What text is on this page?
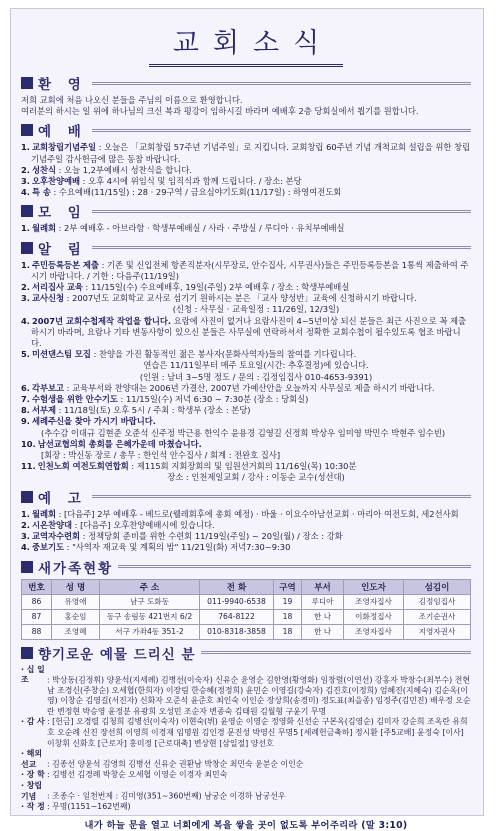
교회소식
환 영
저희 교회에 처음 나오신 분들을 주님의 이름으로 환영합니다.
여러분의 하시는 일 위에 하나님의 크신 복과 평강이 임하시길 바라며 예배후 2층 당회실에서 뵙기를 원합니다.
예 배
1. 교회창립기념주일 : 오늘은 「교회창립 57주년 기념주일」로 지킵니다. 교회창립 60주년 기념 개척교회 설립을 위한 창립기념주일 감사헌금에 많은 동참 바랍니다.
2. 성찬식 : 오늘 1,2부예배시 성찬식을 합니다.
3. 오후찬양예배 : 오후 4시에 위임식 및 임직식과 함께 드립니다. / 장소: 본당
4. 특 송 : 수요예배(11/15일) : 28 · 29구역 / 금요심야기도회(11/17일) : 하영여전도회
모 임
1. 월례회 : 2부 예배후 - 아브라함 · 학생부예배실 / 사라 · 주방실 / 루디아 · 유치부예배실
알 림
1. 주민등록등본 제출 : 기존 및 신입전체 항존직분자(시무장로, 안수집사, 시무권사)들은 주민등록등본을 1통씩 제출하여 주시기 바랍니다. / 기한 : 다음주(11/19일)
2. 서리집사 교육 : 11/15일(수) 수요예배후, 19일(주일) 2부 예배후 / 장소 : 학생부예배실
3. 교사신청 : 2007년도 교회학교 교사로 섬기기 원하시는 분은 「교사 양성반」교육에 신청하시기 바랍니다.
(신청 : 사무실 · 교육일정 : 11/26일, 12/3일)
4. 2007년 교회수첩제작 작업을 합니다. 요람에 사진이 없거나 요람사진이 4~5년이상 되신 분들은 최근 사진으로 꼭 제출하시기 바라며, 요람나 기타 변동사항이 있으신 분들은 사무실에 연락하셔서 정확한 교회수첩이 될수있도록 협조 바랍니다.
5. 미션댄스팀 모집 : 찬양을 가진 활동적인 젊은 봉사자(문화사역자)들의 참여를 기다립니다.
연습은 11/11일부터 매주 토요일(시간: 추후결정)에 있습니다.
(인원 : 남녀 3~5명 정도 / 문의 : 김정임집사 010-4653-9391)
6. 각부보고 : 교육부서와 찬양대는 2006년 가결산, 2007년 가예산안을 오늘까지 사무실로 제출 하시기 바랍니다.
7. 수험생을 위한 안수기도 : 11/15일(수) 저녁 6:30 ~ 7:30분 (장소 : 당회실)
8. 서부제 : 11/18일(토) 오후 5시 / 주최 : 학생부 (장소 : 본당)
9. 세례주신을 찾아 가시기 바랍니다.
(추수감 이대규 김현준 오준석 신주정 박근용 한익수 윤용경 김영길 신정희 박상우 임미영 박민수 박현주 임수빈)
10. 남선교협의회 총회를 은혜가운데 마쳤습니다.
[회장 : 박신동 장로 / 총무 : 한인석 안수집사 / 회계 : 전완호 집사]
11. 인천노회 여전도회연합회 : 제115회 지회장회의 및 임원선거회의 11/16일(목) 10:30분
장소 : 인천제일교회 / 강사 : 이동순 교수(성선대)
예 고
1. 월례회 : [다음주] 2부 예배후 - 베드로(웰레회후에 총회 예정) · 바울 · 이요수아남선교회 · 마리아 여전도회, 세2선사회
2. 시온찬양대 : [다음주] 오후찬양예배시에 있습니다.
3. 교역자수련회 : 정책당회 준비를 위한 수련회 11/19일(주일) ~ 20일(월) / 장소 : 강화
4. 중보기도 : "사역자 재교육 및 계획의 밤" 11/21일(화) 저녁7:30~9:30
새가족현황
번호	성 명	주 소	전 화	구역	부서	인도자	섬김이
86	유영애	남구 도화동	011-9940-6538	19	루디아	조영자집사	김정임집사
87	홍순임	동구 송림동 421번지 6/2	764-8122	18	한 나	이화정집사	조기순권사
88	조영혜	서구 가좌4동 351-2	010-8318-3858	18	한 나	조영자집사	지영자권사
향기로운 예물 드리신 분
· 십 일 조 : 박상동(김정휘) 양윤석(지세례) 김병선(이숙자) 신유순 윤영순 김한영(황영화) 임창렬(이연선) 강홍자 박창수(최부수) 전현남 조경신(주창순) 오세협(한희자) 이장림 한승혜(정정희) 윤민순 이영길(강숙자) 김진호(이정희) 엄혜진(지혜숙) 김순옥(이영) 이창순 김영길(서진자) 신화자 오준석 윤준호 최인숙 이인순 장상희(송경미) 정도표(최을종) 임정주(김민진) 배우정 오순란 변정현 박승영 윤정분 유광희 오성민 조순자 변종숙 김태원 김월형 구윤기 무명
· 감 사 : [헌금] 오경렬 김청희 김병선(이숙자) 이현숙(뷔) 윤영순 이영순 정영화 신선순 구본옥(김영순) 김미자 강순희 조옥란 유희호 오순례 신진 장선희 이영희 이경재 임명원 김인경 문진성 박영신 무명5 [세례헌금축하] 정시환 [주5교배] 윤정숙 [이사] 이창휘 신화호 [근로자] 홍미정 [근로대축] 변상현 [삼일절] 양선호
· 해외선교 : 김종선 양윤석 김영희 김병선 신유순 권환남 박창순 최민숙 윤분순 이인순
· 장 학 : 김병선 김경례 박창순 오세협 이영순 이경자 최민숙
· 창립기념 : 조종수 · 일천번제 : 김미영(351~360번째) 남궁순 이경하 남궁선우
· 작 정 : 무명(1151~162번째)
내가 하늘 문을 열고 너희에게 복을 쌓을 곳이 없도록 부어주리라 (말 3:10)
